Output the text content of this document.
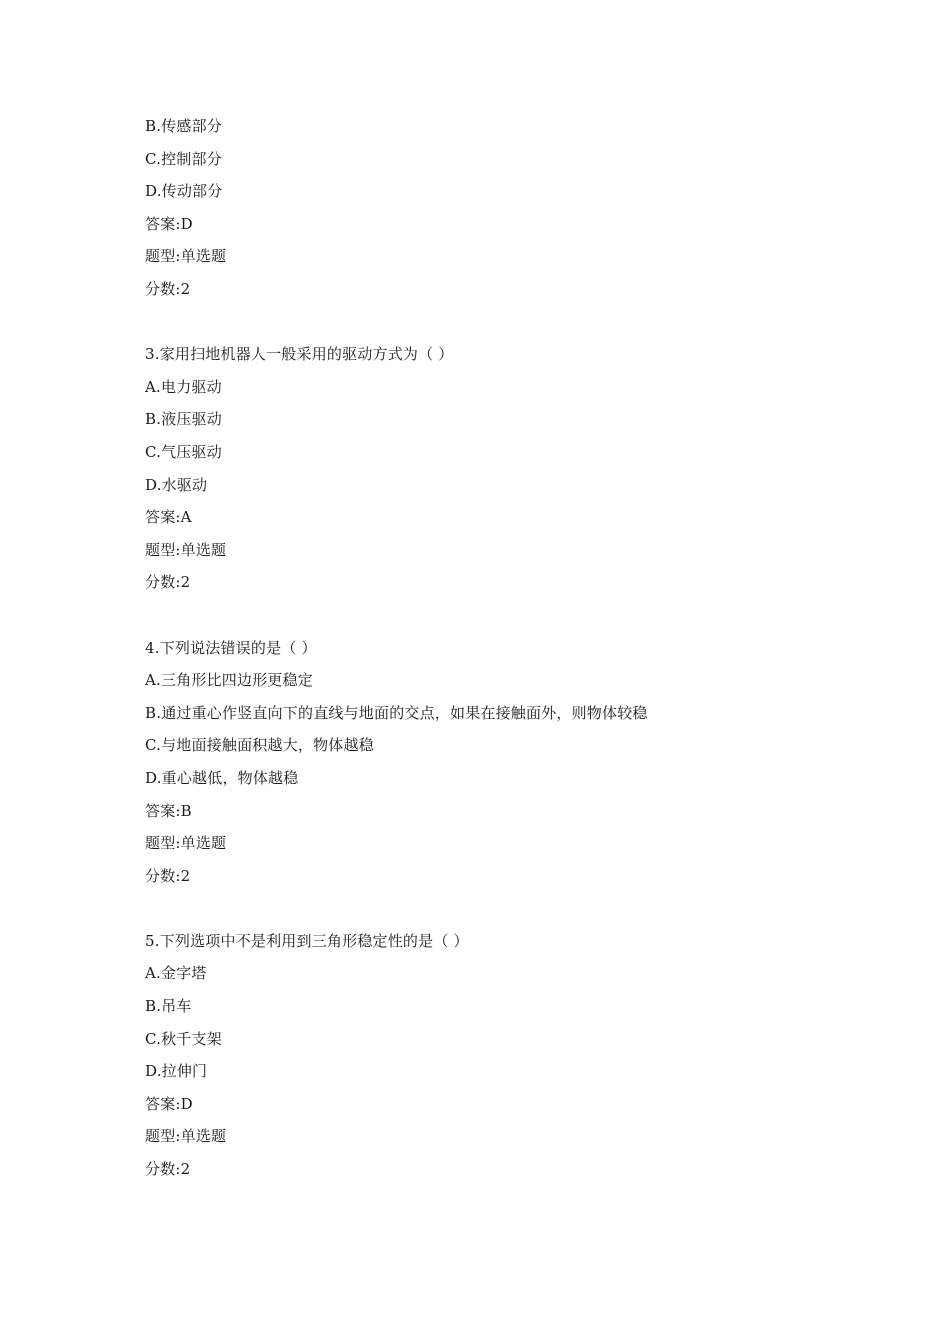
B.传感部分
C.控制部分
D.传动部分
答案:D
题型:单选题
分数:2
3.家用扫地机器人一般采用的驱动方式为（ ）
A.电力驱动
B.液压驱动
C.气压驱动
D.水驱动
答案:A
题型:单选题
分数:2
4.下列说法错误的是（ ）
A.三角形比四边形更稳定
B.通过重心作竖直向下的直线与地面的交点，如果在接触面外，则物体较稳
C.与地面接触面积越大，物体越稳
D.重心越低，物体越稳
答案:B
题型:单选题
分数:2
5.下列选项中不是利用到三角形稳定性的是（ ）
A.金字塔
B.吊车
C.秋千支架
D.拉伸门
答案:D
题型:单选题
分数:2
